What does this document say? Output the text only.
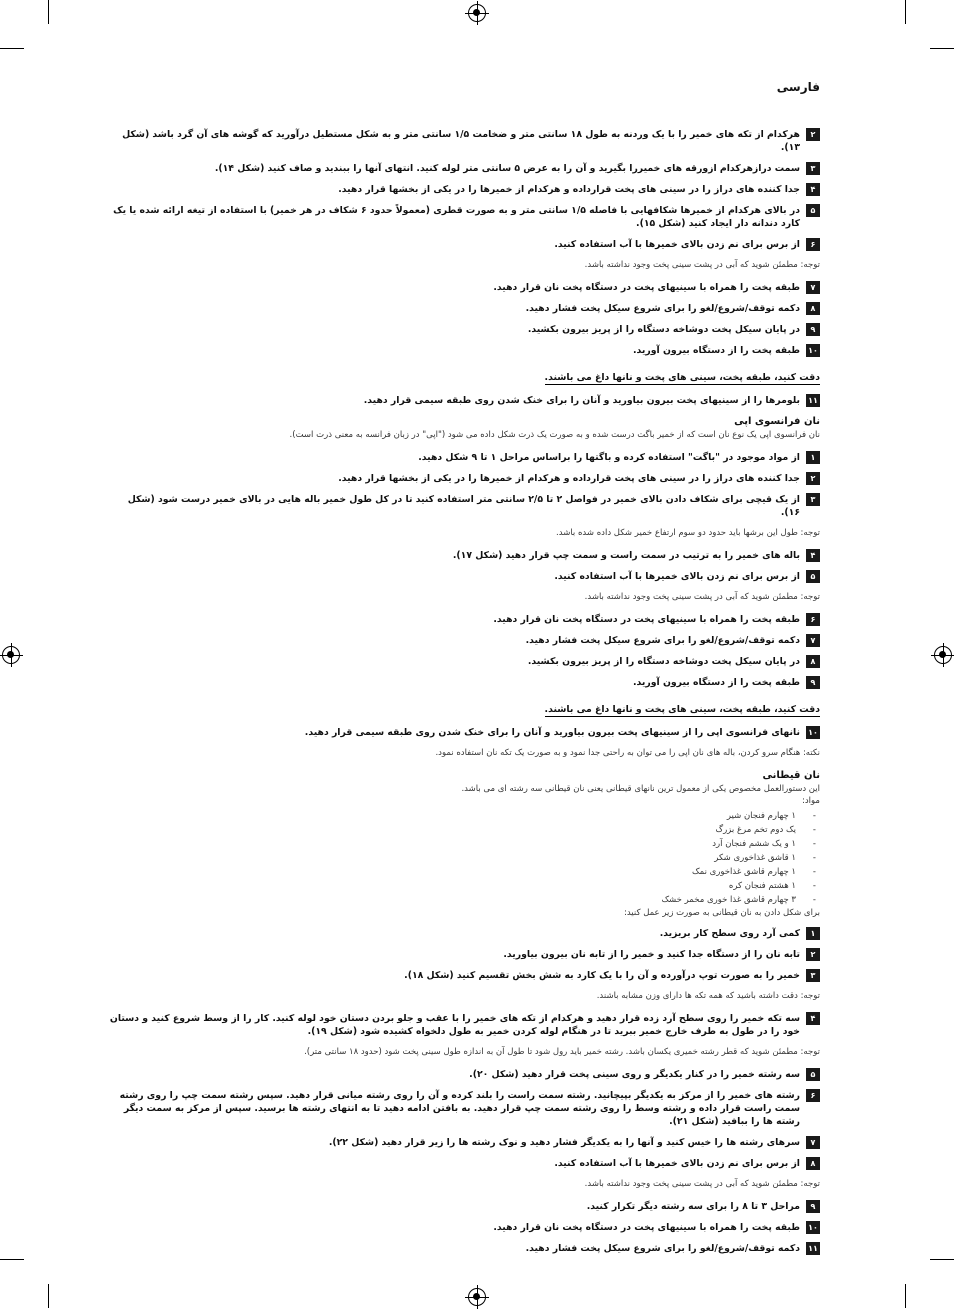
فارسی
۲
هرکدام از تکه های خمیر را با یک وردنه به طول ۱۸ سانتی متر و ضخامت ۱/۵ سانتی متر و به شکل مستطیل درآورید که گوشه های آن گرد باشد (شکل ۱۳).
۳
سمت درازهرکدام ازورقه های خمیررا بگیرید و آن را به عرض ۵ سانتی متر لوله کنید. انتهای آنها را ببندید و صاف کنید (شکل ۱۴).
۴
جدا کننده های دراز را در سینی های پخت قرارداده و هرکدام از خمیرها را در یکی از بخشها قرار دهید.
۵
در بالای هرکدام از خمیرها شکافهایی با فاصله ۱/۵ سانتی متر و به صورت قطری (معمولاً حدود ۶ شکاف در هر خمیر) با استفاده از تیغه ارائه شده یا یک کارد دندانه دار ایجاد کنید (شکل ۱۵).
۶
از برس برای نم زدن بالای خمیرها با آب استفاده کنید.

توجه: مطمئن شوید که آبی در پشت سینی پخت وجود نداشته باشد.

۷
طبقه پخت را همراه با سینیهای پخت در دستگاه پخت نان قرار دهید.
۸
دکمه توقف/شروع/لغو را برای شروع سیکل پخت فشار دهید.
۹
در پایان سیکل پخت دوشاخه دستگاه را از پریز بیرون بکشید.
۱۰
طبقه پخت را از دستگاه بیرون آورید.
دقت کنید، طبقه پخت، سینی های پخت و نانها داغ می باشند.
۱۱
بلومرها را از سینیهای پخت بیرون بیاورید و آنان را برای خنک شدن روی طبقه سیمی قرار دهید.
نان فرانسوی اپی

نان فرانسوی اپی یک نوع نان است که از خمیر باگت درست شده و به صورت یک ذرت شکل داده می شود ("اپی" در زبان فرانسه به معنی ذرت است).

۱
از مواد موجود در "باگت" استفاده کرده و باگتها را براساس مراحل ۱ تا ۹ شکل دهید.
۲
جدا کننده های دراز را در سینی های پخت قرارداده و هرکدام از خمیرها را در یکی از بخشها قرار دهید.
۳
از یک قیچی برای شکاف دادن بالای خمیر در فواصل ۲ تا ۲/۵ سانتی متر استفاده کنید تا در کل طول خمیر باله هایی در بالای خمیر درست شود (شکل ۱۶).

توجه: طول این برشها باید حدود دو سوم ارتفاع خمیر شکل داده شده باشد.

۴
باله های خمیر را به ترتیب در سمت راست و سمت چپ قرار دهید (شکل ۱۷).
۵
از برس برای نم زدن بالای خمیرها با آب استفاده کنید.

توجه: مطمئن شوید که آبی در پشت سینی پخت وجود نداشته باشد.

۶
طبقه پخت را همراه با سینیهای پخت در دستگاه پخت نان قرار دهید.
۷
دکمه توقف/شروع/لغو را برای شروع سیکل پخت فشار دهید.
۸
در پایان سیکل پخت دوشاخه دستگاه را از پریز بیرون بکشید.
۹
طبقه پخت را از دستگاه بیرون آورید.
دقت کنید، طبقه پخت، سینی های پخت و نانها داغ می باشند.
۱۰
نانهای فرانسوی اپی را از سینیهای پخت بیرون بیاورید و آنان را برای خنک شدن روی طبقه سیمی قرار دهید.

نکته: هنگام سرو کردن، باله های نان اپی را می توان به راحتی جدا نمود و به صورت یک تکه نان استفاده نمود.

نان قیطانی

این دستورالعمل مخصوص یکی از معمول ترین نانهای قیطانی یعنی نان قیطانی سه رشته ای می باشد.

مواد:

- ۱ چهارم فنجان شیر
- یک دوم تخم مرغ بزرگ
- ۱ و یک ششم فنجان آرد
- ۱ قاشق غذاخوری شکر
- ۱ چهارم قاشق غذاخوری نمک
- ۱ هشتم فنجان کره
- ۳ چهارم قاشق غذا خوری مخمر خشک

برای شکل دادن به نان قیطانی به صورت زیر عمل کنید:

۱
کمی آرد روی سطح کار بریزید.
۲
تابه نان را از دستگاه جدا کنید و خمیر را از تابه نان بیرون بیاورید.
۳
خمیر را به صورت توپ درآورده و آن را با یک کارد به شش بخش تقسیم کنید (شکل ۱۸).

توجه: دقت داشته باشید که همه تکه ها دارای وزن مشابه باشند.

۴
سه تکه خمیر را روی سطح آرد زده قرار دهید و هرکدام از تکه های خمیر را با عقب و جلو بردن دستان خود لوله کنید. کار را از وسط شروع کنید و دستان خود را در طول به طرف خارج خمیر ببرید تا در هنگام لوله کردن خمیر به طول دلخواه کشیده شود (شکل ۱۹).

توجه: مطمئن شوید که قطر رشته خمیری یکسان باشد. رشته خمیر باید رول شود تا طول آن به اندازه طول سینی پخت شود (حدود ۱۸ سانتی متر).

۵
سه رشته خمیر را در کنار یکدیگر و روی سینی پخت قرار دهید (شکل ۲۰).
۶
رشته های خمیر را از مرکز به یکدیگر بپیچانید. رشته سمت راست را بلند کرده و آن را روی رشته میانی قرار دهید. سپس رشته سمت چپ را روی رشته سمت راست قرار داده و رشته وسط را روی رشته سمت چپ قرار دهید. به بافتن ادامه دهید تا به انتهای رشته ها برسید. سپس از مرکز به سمت دیگر رشته ها را ببافید (شکل ۲۱).
۷
سرهای رشته ها را خیس کنید و آنها را به یکدیگر فشار دهید و نوک رشته ها را زیر قرار دهید (شکل ۲۲).
۸
از برس برای نم زدن بالای خمیرها با آب استفاده کنید.

توجه: مطمئن شوید که آبی در پشت سینی پخت وجود نداشته باشد.

۹
مراحل ۳ تا ۸ را برای سه رشته دیگر تکرار کنید.
۱۰
طبقه پخت را همراه با سینیهای پخت در دستگاه پخت نان قرار دهید.
۱۱
دکمه توقف/شروع/لغو را برای شروع سیکل پخت فشار دهید.
